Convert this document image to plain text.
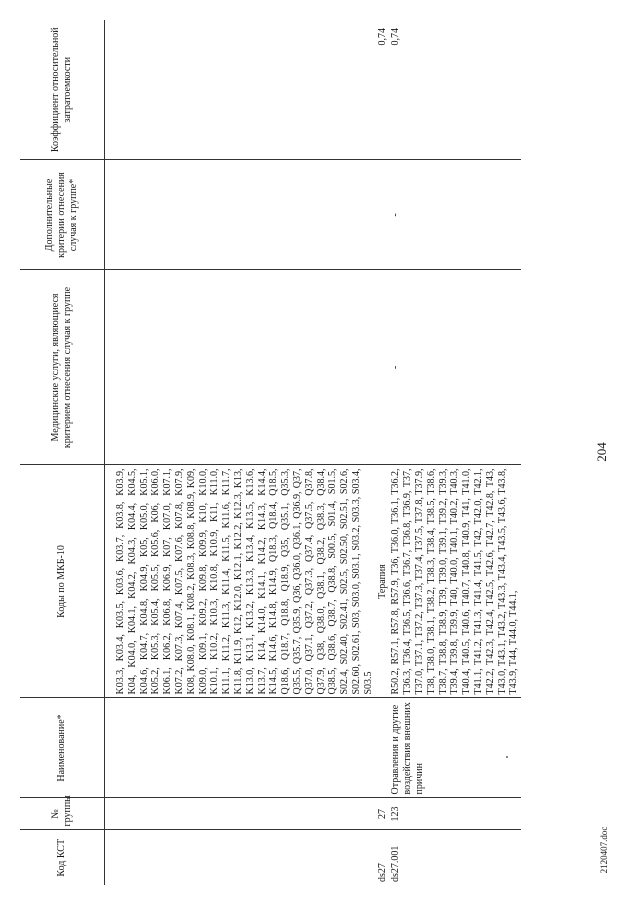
204
2120407.doc
Код КСТ	№ группы	Наименование*	Коды по МКБ-10	Медицинские услуги, являющиеся критерием отнесения случая к группе	Дополнительные критерии отнесения случая к группе*	Коэффициент относительной затратоемкости
			K03.3, K03.4, K03.5, K03.6, K03.7, K03.8, K03.9, K04, K04.0, K04.1, K04.2, K04.3, K04.4, K04.5, K04.6, K04.7, K04.8, K04.9, K05, K05.0, K05.1, K05.2, K05.3, K05.4, K05.5, K05.6, K06, K06.0, K06.1, K06.2, K06.8, K06.9, K07, K07.0, K07.1, K07.2, K07.3, K07.4, K07.5, K07.6, K07.8, K07.9, K08, K08.0, K08.1, K08.2, K08.3, K08.8, K08.9, K09, K09.0, K09.1, K09.2, K09.8, K09.9, K10, K10.0, K10.1, K10.2, K10.3, K10.8, K10.9, K11, K11.0, K11.1, K11.2, K11.3, K11.4, K11.5, K11.6, K11.7, K11.8, K11.9, K12, K12.0, K12.1, K12.2, K12.3, K13, K13.0, K13.1, K13.2, K13.3, K13.4, K13.5, K13.6, K13.7, K14, K14.0, K14.1, K14.2, K14.3, K14.4, K14.5, K14.6, K14.8, K14.9, Q18.3, Q18.4, Q18.5, Q18.6, Q18.7, Q18.8, Q18.9, Q35, Q35.1, Q35.3, Q35.5, Q35.7, Q35.9, Q36, Q36.0, Q36.1, Q36.9, Q37, Q37.0, Q37.1, Q37.2, Q37.3, Q37.4, Q37.5, Q37.8, Q37.9, Q38, Q38.0, Q38.1, Q38.2, Q38.3, Q38.4, Q38.5, Q38.6, Q38.7, Q38.8, S00.5, S01.4, S01.5, S02.4, S02.40, S02.41, S02.5, S02.50, S02.51, S02.6, S02.60, S02.61, S03, S03.0, S03.1, S03.2, S03.3, S03.4, S03.5			
ds27	27		Терапия			0,74
ds27.001	123	Отравления и другие воздействия внешних причин	R50.2, R57.1, R57.8, R57.9, T36, T36.0, T36.1, T36.2, T36.3, T36.4, T36.5, T36.6, T36.7, T36.8, T36.9, T37, T37.0, T37.1, T37.2, T37.3, T37.4, T37.5, T37.8, T37.9, T38, T38.0, T38.1, T38.2, T38.3, T38.4, T38.5, T38.6, T38.7, T38.8, T38.9, T39, T39.0, T39.1, T39.2, T39.3, T39.4, T39.8, T39.9, T40, T40.0, T40.1, T40.2, T40.3, T40.4, T40.5, T40.6, T40.7, T40.8, T40.9, T41, T41.0, T41.1, T41.2, T41.3, T41.4, T41.5, T42, T42.0, T42.1, T42.2, T42.3, T42.4, T42.5, T42.6, T42.7, T42.8, T43, T43.0, T43.1, T43.2, T43.3, T43.4, T43.5, T43.6, T43.8, T43.9, T44, T44.0, T44.1,	-	-	0,74
